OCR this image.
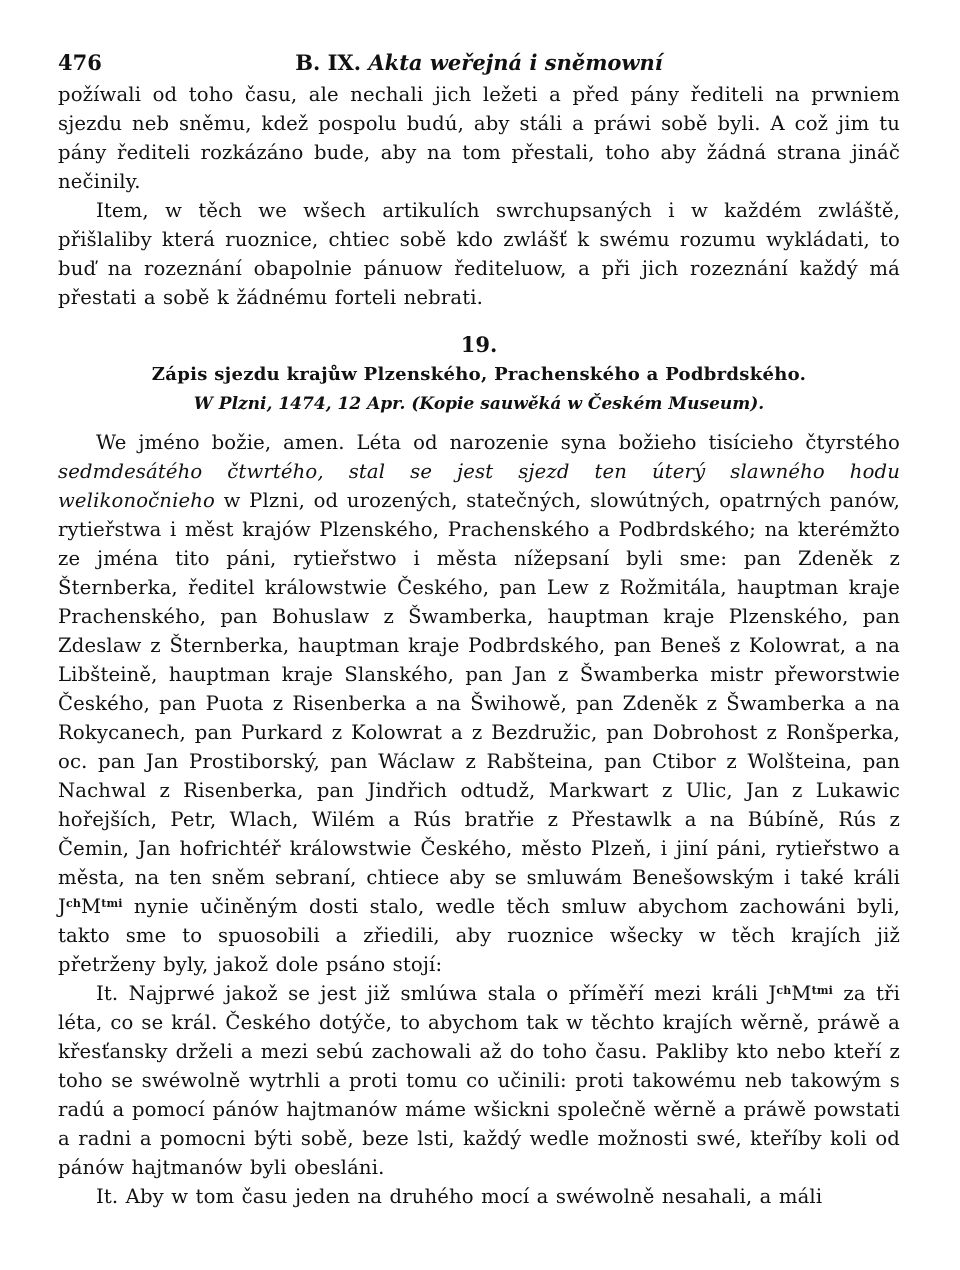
476	B. IX. Akta weřejná i sněmowní

požíwali od toho času, ale nechali jich ležeti a před pány řediteli na prwniem sjezdu neb sněmu, kdež pospolu budú, aby stáli a práwi sobě byli. A což jim tu pány řediteli rozkázáno bude, aby na tom přestali, toho aby žádná strana jináč nečinily.

Item, w těch we wšech artikulích swrchupsaných i w každém zwláště, přišlaliby která ruoznice, chtiec sobě kdo zwlášť k swému rozumu wykládati, to buď na rozeznání obapolnie pánuow řediteluow, a při jich rozeznání každý má přestati a sobě k žádnému forteli nebrati.

19.
Zápis sjezdu krajůw Plzenského, Prachenského a Podbrdského.
W Plzni, 1474, 12 Apr. (Kopie sauwěká w Českém Museum).

We jméno božie, amen. Léta od narozenie syna božieho tisícieho čtyrstého sedmdesátého čtwrtého, stal se jest sjezd ten úterý slawného hodu welikonočnieho w Plzni, od urozených, statečných, slowútných, opatrných panów, rytieřstwa i měst krajów Plzenského, Prachenského a Podbrdského; na kterémžto ze jména tito páni, rytieřstwo i města nížepsaní byli sme: pan Zdeněk z Šternberka, ředitel králowstwie Českého, pan Lew z Rožmitála, hauptman kraje Prachenského, pan Bohuslaw z Šwamberka, hauptman kraje Plzenského, pan Zdeslaw z Šternberka, hauptman kraje Podbrdského, pan Beneš z Kolowrat, a na Libšteině, hauptman kraje Slanského, pan Jan z Šwamberka mistr přeworstwie Českého, pan Puota z Risenberka a na Šwihowě, pan Zdeněk z Šwamberka a na Rokycanech, pan Purkard z Kolowrat a z Bezdružic, pan Dobrohost z Ronšperka, oc. pan Jan Prostiborský, pan Wáclaw z Rabšteina, pan Ctibor z Wolšteina, pan Nachwal z Risenberka, pan Jindřich odtudž, Markwart z Ulic, Jan z Lukawic hořejších, Petr, Wlach, Wilém a Rús bratřie z Přestawlk a na Búbíně, Rús z Čemin, Jan hofrichtéř králowstwie Českého, město Plzeň, i jiní páni, rytieřstwo a města, na ten sněm sebraní, chtiece aby se smluwám Benešowským i také králi $J^{ch}M^{tmi}$ nynie učiněným dosti stalo, wedle těch smluw abychom zachowáni byli, takto sme to spuosobili a zřiedili, aby ruoznice wšecky w těch krajích již přetrženy byly, jakož dole psáno stojí:

It. Najprwé jakož se jest již smlúwa stala o příměří mezi králi $J^{ch}M^{tmi}$ za tři léta, co se král. Českého dotýče, to abychom tak w těchto krajích wěrně, práwě a křesťansky drželi a mezi sebú zachowali až do toho času. Pakliby kto nebo kteří z toho se swéwolně wytrhli a proti tomu co učinili: proti takowému neb takowým s radú a pomocí pánów hajtmanów máme wšickni společně wěrně a práwě powstati a radni a pomocni býti sobě, beze lsti, každý wedle možnosti swé, kteříby koli od pánów hajtmanów byli obesláni.

It. Aby w tom času jeden na druhého mocí a swéwolně nesahali, a máli
